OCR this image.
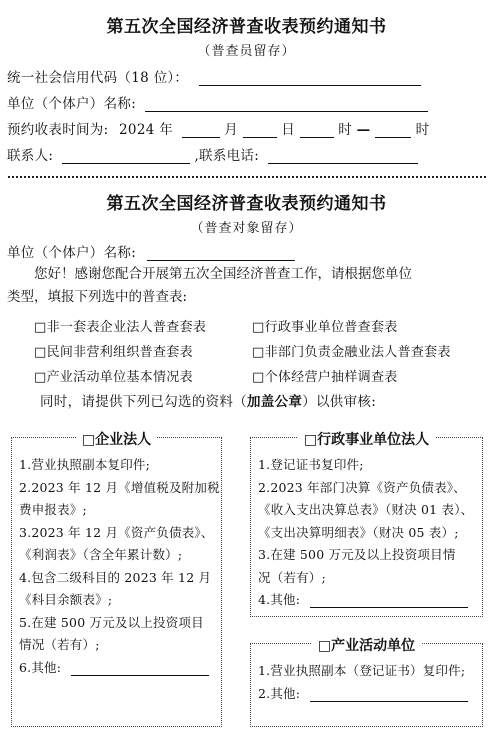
第五次全国经济普查收表预约通知书
（普查员留存）
统一社会信用代码（18 位）：
单位（个体户）名称:
预约收表时间为: 2024 年	月	日	时 —	时
联系人:	,联系电话:
第五次全国经济普查收表预约通知书
（普查对象留存）
单位（个体户）名称:
您好！感谢您配合开展第五次全国经济普查工作，请根据您单位
类型，填报下列选中的普查表:
□非一套表企业法人普查套表	□行政事业单位普查套表
□民间非营利组织普查套表	□非部门负责金融业法人普查套表
□产业活动单位基本情况表	□个体经营户抽样调查表
同时，请提供下列已勾选的资料（加盖公章）以供审核:
□企业法人
1.营业执照副本复印件;
2.2023 年 12 月《增值税及附加税
费申报表》;
3.2023 年 12 月《资产负债表》、
《利润表》（含全年累计数）;
4.包含二级科目的 2023 年 12 月
《科目余额表》;
5.在建 500 万元及以上投资项目
情况（若有）;
6.其他:
□行政事业单位法人
1.登记证书复印件;
2.2023 年部门决算《资产负债表》、
《收入支出决算总表》（财决 01 表）、
《支出决算明细表》（财决 05 表）;
3.在建 500 万元及以上投资项目情
况（若有）;
4.其他:
□产业活动单位
1.营业执照副本（登记证书）复印件;
2.其他:
